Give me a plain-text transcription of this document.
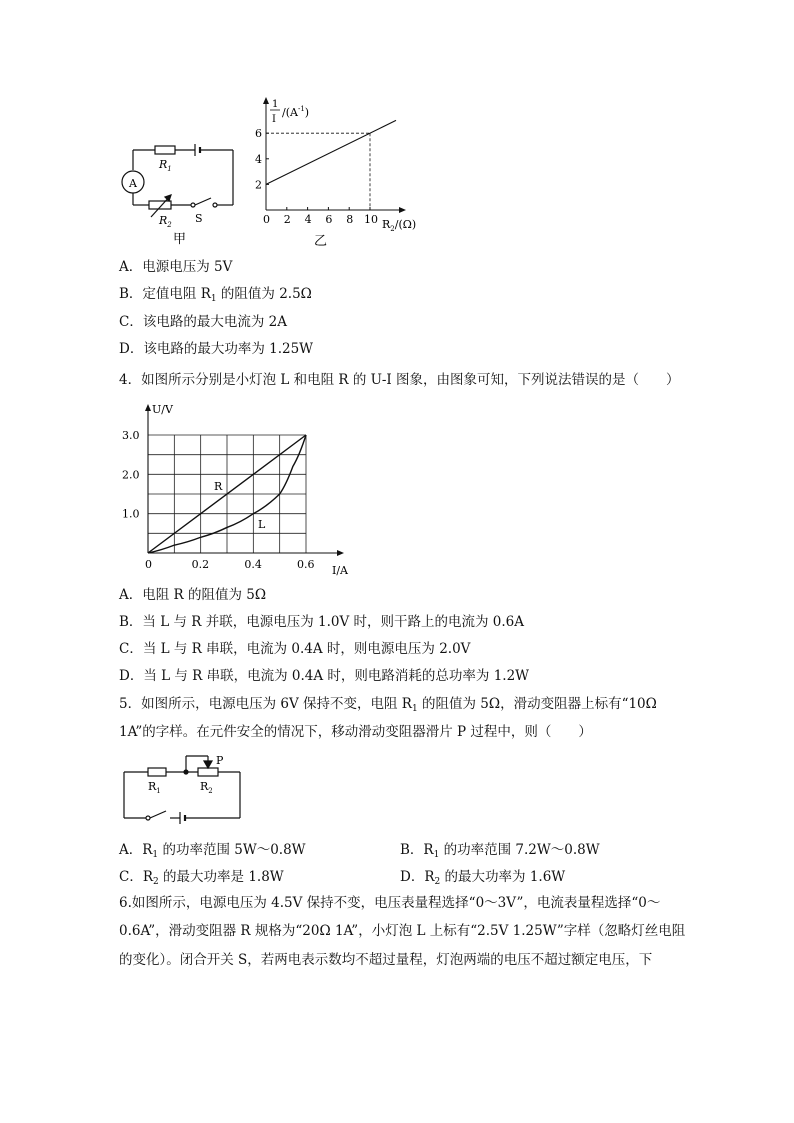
A
$R_1$
$R_2$ S
甲
0 2 4 6 8 10
6
4
2
1
I
$/(A^{-1})$
$R_2/(\Omega)$
乙
A．电源电压为 5V
B．定值电阻 $R_1$ 的阻值为 2.5Ω
C．该电路的最大电流为 2A
D．该电路的最大功率为 1.25W
4．如图所示分别是小灯泡 L 和电阻 R 的 U-I 图象，由图象可知，下列说法错误的是（　　）
0	0.2	0.4	0.6
3.0
2.0
1.0
U/V
I/A
R
L
A．电阻 R 的阻值为 5Ω
B．当 L 与 R 并联，电源电压为 1.0V 时，则干路上的电流为 0.6A
C．当 L 与 R 串联，电流为 0.4A 时，则电源电压为 2.0V
D．当 L 与 R 串联，电流为 0.4A 时，则电路消耗的总功率为 1.2W
5．如图所示，电源电压为 6V 保持不变，电阻 $R_1$ 的阻值为 5Ω，滑动变阻器上标有“10Ω
1A”的字样。在元件安全的情况下，移动滑动变阻器滑片 P 过程中，则（　　）
$R_1$	$R_2$
P
A．$R_1$ 的功率范围 5W～0.8W	B．$R_1$ 的功率范围 7.2W～0.8W
C．$R_2$ 的最大功率是 1.8W	D．$R_2$ 的最大功率为 1.6W
6.如图所示，电源电压为 4.5V 保持不变，电压表量程选择“0～3V”，电流表量程选择“0～
0.6A”，滑动变阻器 R 规格为“20Ω 1A”，小灯泡 L 上标有“2.5V 1.25W”字样（忽略灯丝电阻
的变化）。闭合开关 S，若两电表示数均不超过量程，灯泡两端的电压不超过额定电压，下
